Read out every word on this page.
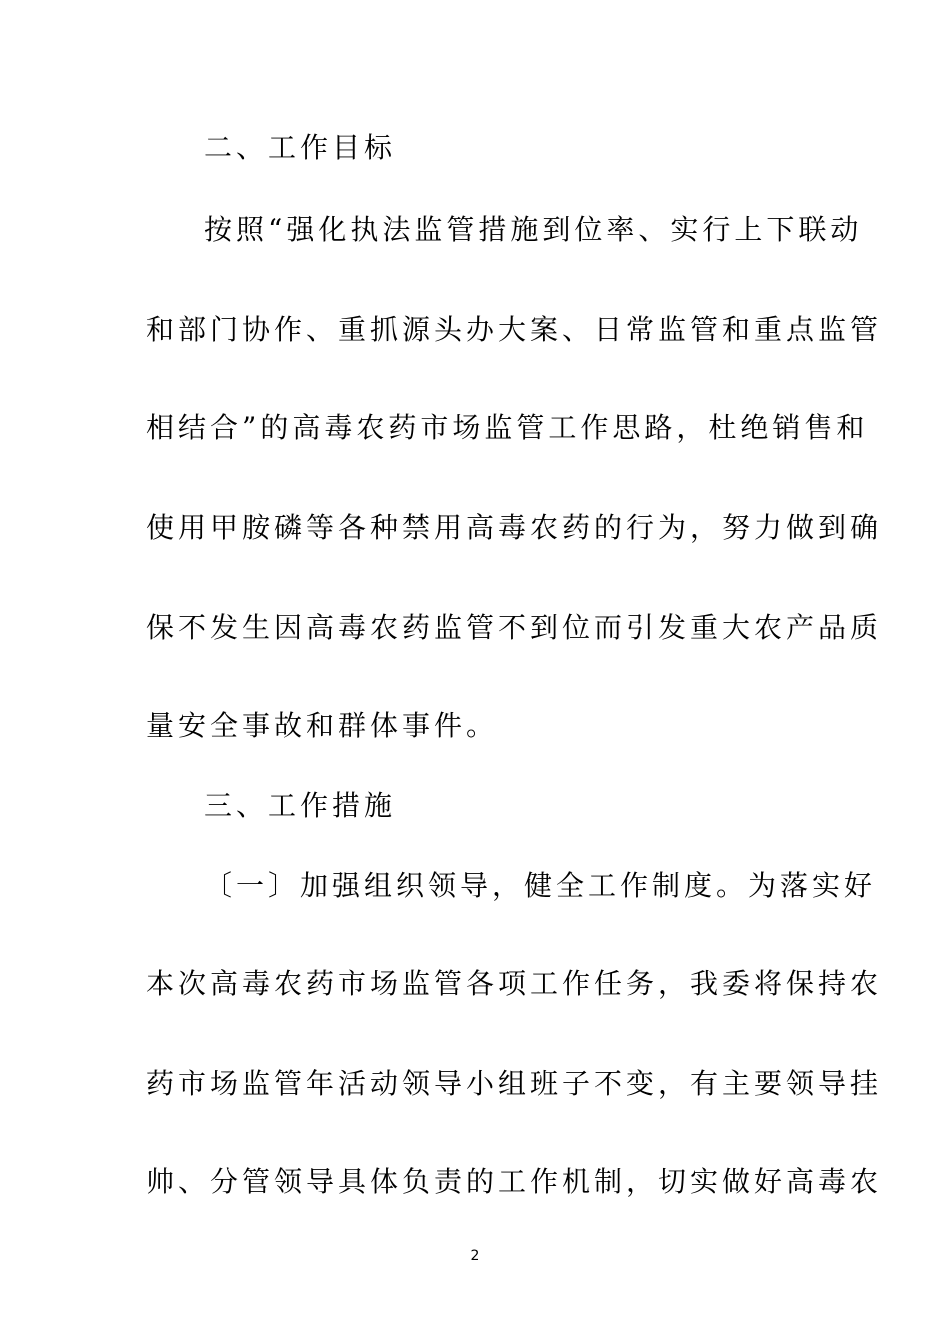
二、工作目标
按照“强化执法监管措施到位率、实行上下联动
和部门协作、重抓源头办大案、日常监管和重点监管
相结合”的高毒农药市场监管工作思路，杜绝销售和
使用甲胺磷等各种禁用高毒农药的行为，努力做到确
保不发生因高毒农药监管不到位而引发重大农产品质
量安全事故和群体事件。
三、工作措施
〔一〕加强组织领导，健全工作制度。为落实好
本次高毒农药市场监管各项工作任务，我委将保持农
药市场监管年活动领导小组班子不变，有主要领导挂
帅、分管领导具体负责的工作机制，切实做好高毒农
2
